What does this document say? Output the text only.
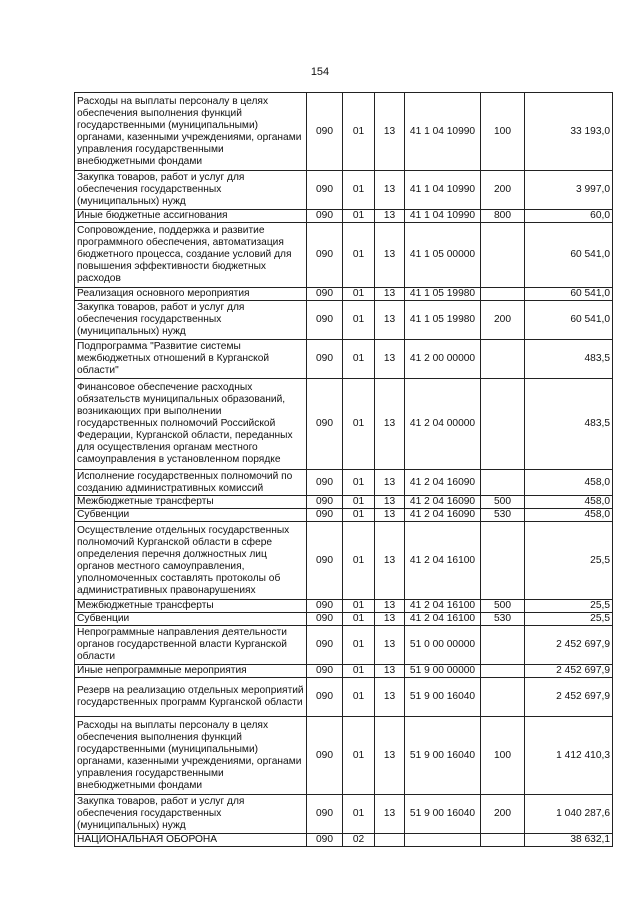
154
Расходы на выплаты персоналу в целях обеспечения выполнения функций государственными (муниципальными) органами, казенными учреждениями, органами управления государственными внебюджетными фондами	090	01	13	41 1 04 10990	100	33 193,0
Закупка товаров, работ и услуг для обеспечения государственных (муниципальных) нужд	090	01	13	41 1 04 10990	200	3 997,0
Иные бюджетные ассигнования	090	01	13	41 1 04 10990	800	60,0
Сопровождение, поддержка и развитие программного обеспечения, автоматизация бюджетного процесса, создание условий для повышения эффективности бюджетных расходов	090	01	13	41 1 05 00000		60 541,0
Реализация основного мероприятия	090	01	13	41 1 05 19980		60 541,0
Закупка товаров, работ и услуг для обеспечения государственных (муниципальных) нужд	090	01	13	41 1 05 19980	200	60 541,0
Подпрограмма "Развитие системы межбюджетных отношений в Курганской области"	090	01	13	41 2 00 00000		483,5
Финансовое обеспечение расходных обязательств муниципальных образований, возникающих при выполнении государственных полномочий Российской Федерации, Курганской области, переданных для осуществления органам местного самоуправления в установленном порядке	090	01	13	41 2 04 00000		483,5
Исполнение государственных полномочий по созданию административных комиссий	090	01	13	41 2 04 16090		458,0
Межбюджетные трансферты	090	01	13	41 2 04 16090	500	458,0
Субвенции	090	01	13	41 2 04 16090	530	458,0
Осуществление отдельных государственных полномочий Курганской области в сфере определения перечня должностных лиц органов местного самоуправления, уполномоченных составлять протоколы об административных правонарушениях	090	01	13	41 2 04 16100		25,5
Межбюджетные трансферты	090	01	13	41 2 04 16100	500	25,5
Субвенции	090	01	13	41 2 04 16100	530	25,5
Непрограммные направления деятельности органов государственной власти Курганской области	090	01	13	51 0 00 00000		2 452 697,9
Иные непрограммные мероприятия	090	01	13	51 9 00 00000		2 452 697,9
Резерв на реализацию отдельных мероприятий государственных программ Курганской области	090	01	13	51 9 00 16040		2 452 697,9
Расходы на выплаты персоналу в целях обеспечения выполнения функций государственными (муниципальными) органами, казенными учреждениями, органами управления государственными внебюджетными фондами	090	01	13	51 9 00 16040	100	1 412 410,3
Закупка товаров, работ и услуг для обеспечения государственных (муниципальных) нужд	090	01	13	51 9 00 16040	200	1 040 287,6
НАЦИОНАЛЬНАЯ ОБОРОНА	090	02				38 632,1
